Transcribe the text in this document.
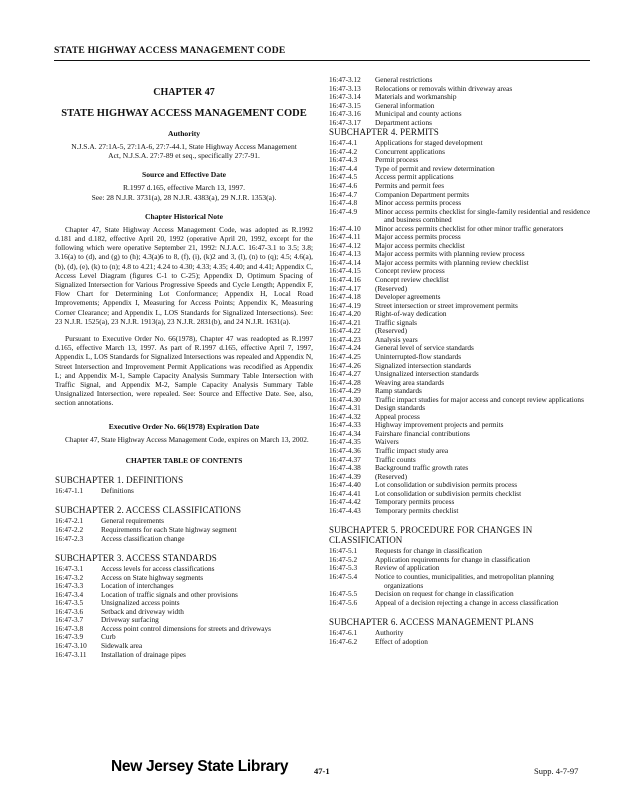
STATE HIGHWAY ACCESS MANAGEMENT CODE
CHAPTER 47
STATE HIGHWAY ACCESS MANAGEMENT CODE
Authority
N.J.S.A. 27:1A-5, 27:1A-6, 27:7-44.1, State Highway Access Management Act, N.J.S.A. 27:7-89 et seq., specifically 27:7-91.
Source and Effective Date
R.1997 d.165, effective March 13, 1997.
See: 28 N.J.R. 3731(a), 28 N.J.R. 4383(a), 29 N.J.R. 1353(a).
Chapter Historical Note

Chapter 47, State Highway Access Management Code, was adopted as R.1992 d.181 and d.182, effective April 20, 1992 (operative April 20, 1992, except for the following which were operative September 21, 1992: N.J.A.C. 16:47-3.1 to 3.5; 3.8; 3.16(a) to (d), and (g) to (h); 4.3(a)6 to 8, (f), (i), (k)2 and 3, (l), (n) to (q); 4.5; 4.6(a), (b), (d), (e), (k) to (n); 4.8 to 4.21; 4.24 to 4.30; 4.33; 4.35; 4.40; and 4.41; Appendix C, Access Level Diagram (figures C-1 to C-25); Appendix D, Optimum Spacing of Signalized Intersection for Various Progressive Speeds and Cycle Length; Appendix F, Flow Chart for Determining Lot Conformance; Appendix H, Local Road Improvements; Appendix I, Measuring for Access Points; Appendix K, Measuring Corner Clearance; and Appendix L, LOS Standards for Signalized Intersections). See: 23 N.J.R. 1525(a), 23 N.J.R. 1913(a), 23 N.J.R. 2831(b), and 24 N.J.R. 1631(a).

Pursuant to Executive Order No. 66(1978), Chapter 47 was readopted as R.1997 d.165, effective March 13, 1997. As part of R.1997 d.165, effective April 7, 1997, Appendix L, LOS Standards for Signalized Intersections was repealed and Appendix N, Street Intersection and Improvement Permit Applications was recodified as Appendix L; and Appendix M-1, Sample Capacity Analysis Summary Table Intersection with Traffic Signal, and Appendix M-2, Sample Capacity Analysis Summary Table Unsignalized Intersection, were repealed. See: Source and Effective Date. See, also, section annotations.

Executive Order No. 66(1978) Expiration Date

Chapter 47, State Highway Access Management Code, expires on March 13, 2002.

CHAPTER TABLE OF CONTENTS
SUBCHAPTER 1. DEFINITIONS
16:47-1.1	Definitions
SUBCHAPTER 2. ACCESS CLASSIFICATIONS
16:47-2.1	General requirements
16:47-2.2	Requirements for each State highway segment
16:47-2.3	Access classification change
SUBCHAPTER 3. ACCESS STANDARDS
16:47-3.1	Access levels for access classifications
16:47-3.2	Access on State highway segments
16:47-3.3	Location of interchanges
16:47-3.4	Location of traffic signals and other provisions
16:47-3.5	Unsignalized access points
16:47-3.6	Setback and driveway width
16:47-3.7	Driveway surfacing
16:47-3.8	Access point control dimensions for streets and driveways
16:47-3.9	Curb
16:47-3.10	Sidewalk area
16:47-3.11	Installation of drainage pipes
16:47-3.12	General restrictions
16:47-3.13	Relocations or removals within driveway areas
16:47-3.14	Materials and workmanship
16:47-3.15	General information
16:47-3.16	Municipal and county actions
16:47-3.17	Department actions
SUBCHAPTER 4. PERMITS
16:47-4.1	Applications for staged development
16:47-4.2	Concurrent applications
16:47-4.3	Permit process
16:47-4.4	Type of permit and review determination
16:47-4.5	Access permit applications
16:47-4.6	Permits and permit fees
16:47-4.7	Companion Department permits
16:47-4.8	Minor access permits process
16:47-4.9	Minor access permits checklist for single-family residential and residence and business combined
16:47-4.10	Minor access permits checklist for other minor traffic generators
16:47-4.11	Major access permits process
16:47-4.12	Major access permits checklist
16:47-4.13	Major access permits with planning review process
16:47-4.14	Major access permits with planning review checklist
16:47-4.15	Concept review process
16:47-4.16	Concept review checklist
16:47-4.17	(Reserved)
16:47-4.18	Developer agreements
16:47-4.19	Street intersection or street improvement permits
16:47-4.20	Right-of-way dedication
16:47-4.21	Traffic signals
16:47-4.22	(Reserved)
16:47-4.23	Analysis years
16:47-4.24	General level of service standards
16:47-4.25	Uninterrupted-flow standards
16:47-4.26	Signalized intersection standards
16:47-4.27	Unsignalized intersection standards
16:47-4.28	Weaving area standards
16:47-4.29	Ramp standards
16:47-4.30	Traffic impact studies for major access and concept review applications
16:47-4.31	Design standards
16:47-4.32	Appeal process
16:47-4.33	Highway improvement projects and permits
16:47-4.34	Fairshare financial contributions
16:47-4.35	Waivers
16:47-4.36	Traffic impact study area
16:47-4.37	Traffic counts
16:47-4.38	Background traffic growth rates
16:47-4.39	(Reserved)
16:47-4.40	Lot consolidation or subdivision permits process
16:47-4.41	Lot consolidation or subdivision permits checklist
16:47-4.42	Temporary permits process
16:47-4.43	Temporary permits checklist
SUBCHAPTER 5. PROCEDURE FOR CHANGES IN CLASSIFICATION
16:47-5.1	Requests for change in classification
16:47-5.2	Application requirements for change in classification
16:47-5.3	Review of application
16:47-5.4	Notice to counties, municipalities, and metropolitan planning organizations
16:47-5.5	Decision on request for change in classification
16:47-5.6	Appeal of a decision rejecting a change in access classification
SUBCHAPTER 6. ACCESS MANAGEMENT PLANS
16:47-6.1	Authority
16:47-6.2	Effect of adoption
New Jersey State Library	47-1	Supp. 4-7-97
